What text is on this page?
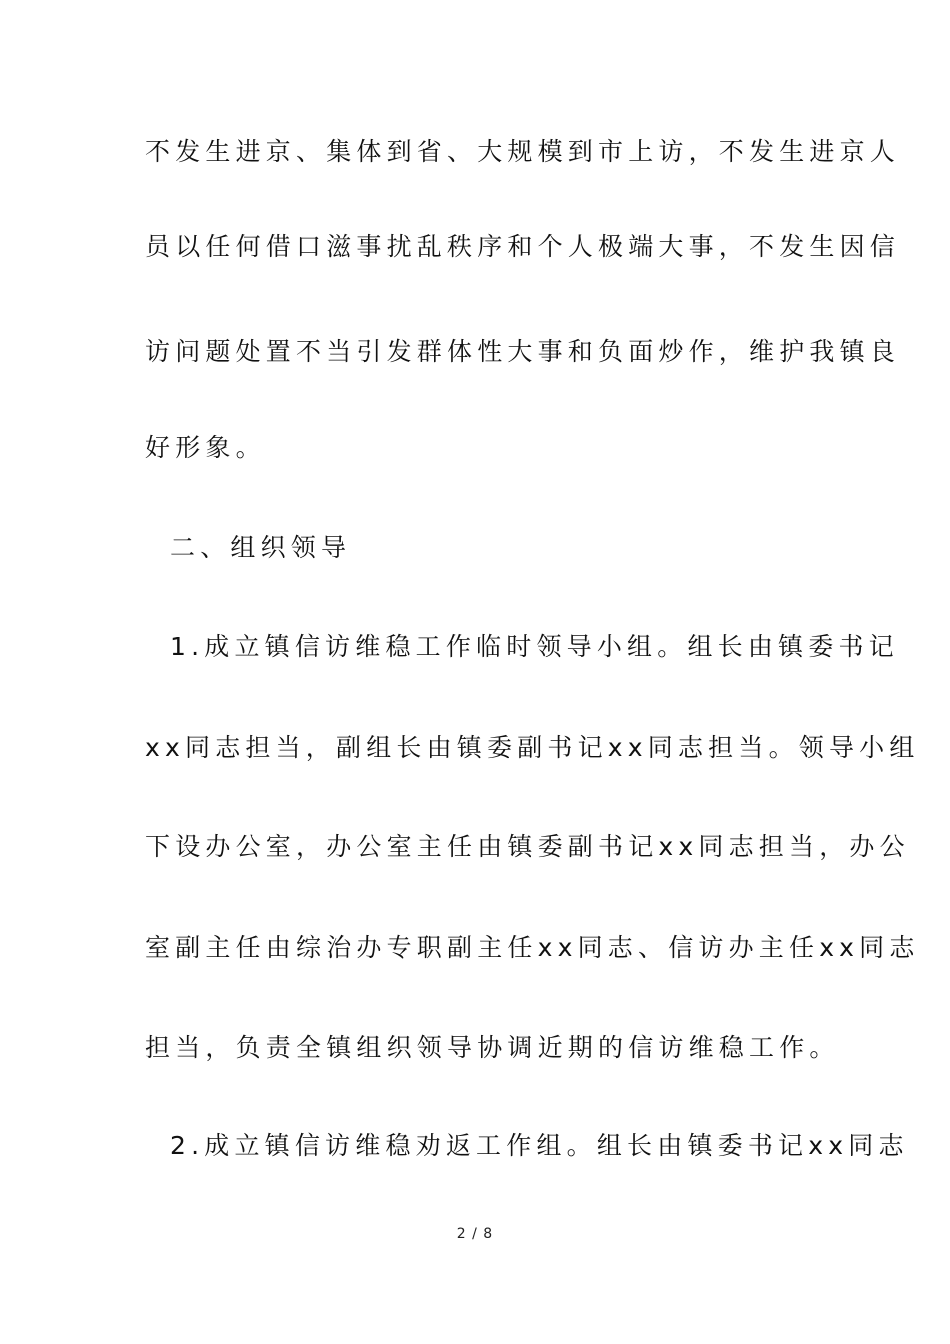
不发生进京、集体到省、大规模到市上访，不发生进京人

员以任何借口滋事扰乱秩序和个人极端大事，不发生因信

访问题处置不当引发群体性大事和负面炒作，维护我镇良

好形象。

二、组织领导

1.成立镇信访维稳工作临时领导小组。组长由镇委书记

xx同志担当，副组长由镇委副书记xx同志担当。领导小组

下设办公室，办公室主任由镇委副书记xx同志担当，办公

室副主任由综治办专职副主任xx同志、信访办主任xx同志

担当，负责全镇组织领导协调近期的信访维稳工作。

2.成立镇信访维稳劝返工作组。组长由镇委书记xx同志

2 / 8
